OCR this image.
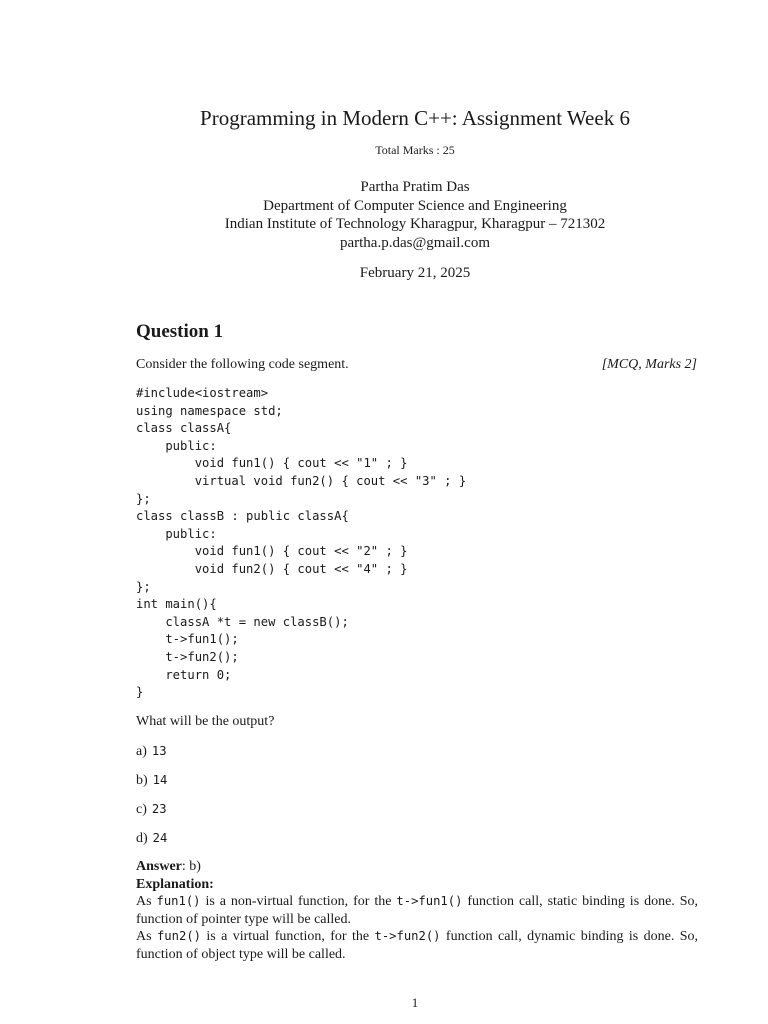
Programming in Modern C++: Assignment Week 6
Total Marks : 25
Partha Pratim Das
Department of Computer Science and Engineering
Indian Institute of Technology Kharagpur, Kharagpur – 721302
partha.p.das@gmail.com
February 21, 2025
Question 1
Consider the following code segment.	[MCQ, Marks 2]
#include<iostream>
using namespace std;
class classA{
public:
void fun1() { cout << "1" ; }
virtual void fun2() { cout << "3" ; }
};
class classB : public classA{
public:
void fun1() { cout << "2" ; }
void fun2() { cout << "4" ; }
};
int main(){
classA *t = new classB();
t->fun1();
t->fun2();
return 0;
}
What will be the output?
a) 13
b) 14
c) 23
d) 24
Answer: b)
Explanation:
As fun1() is a non-virtual function, for the t->fun1() function call, static binding is done. So, function of pointer type will be called.
As fun2() is a virtual function, for the t->fun2() function call, dynamic binding is done. So, function of object type will be called.
1
